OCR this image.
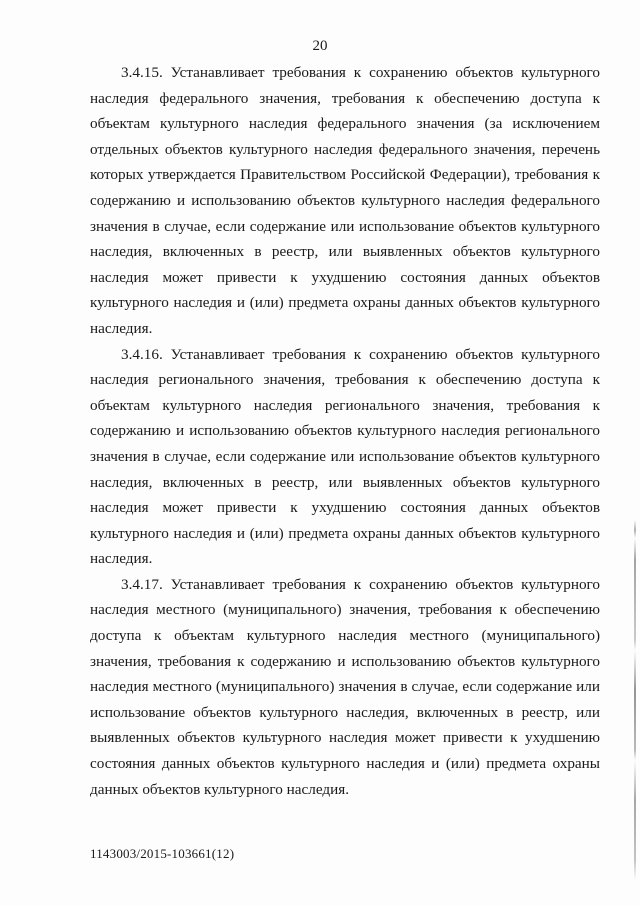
20

3.4.15. Устанавливает требования к сохранению объектов культурного наследия федерального значения, требования к обеспечению доступа к объектам культурного наследия федерального значения (за исключением отдельных объектов культурного наследия федерального значения, перечень которых утверждается Правительством Российской Федерации), требования к содержанию и использованию объектов культурного наследия федерального значения в случае, если содержание или использование объектов культурного наследия, включенных в реестр, или выявленных объектов культурного наследия может привести к ухудшению состояния данных объектов культурного наследия и (или) предмета охраны данных объектов культурного наследия.

3.4.16. Устанавливает требования к сохранению объектов культурного наследия регионального значения, требования к обеспечению доступа к объектам культурного наследия регионального значения, требования к содержанию и использованию объектов культурного наследия регионального значения в случае, если содержание или использование объектов культурного наследия, включенных в реестр, или выявленных объектов культурного наследия может привести к ухудшению состояния данных объектов культурного наследия и (или) предмета охраны данных объектов культурного наследия.

3.4.17. Устанавливает требования к сохранению объектов культурного наследия местного (муниципального) значения, требования к обеспечению доступа к объектам культурного наследия местного (муниципального) значения, требования к содержанию и использованию объектов культурного наследия местного (муниципального) значения в случае, если содержание или использование объектов культурного наследия, включенных в реестр, или выявленных объектов культурного наследия может привести к ухудшению состояния данных объектов культурного наследия и (или) предмета охраны данных объектов культурного наследия.

1143003/2015-103661(12)
